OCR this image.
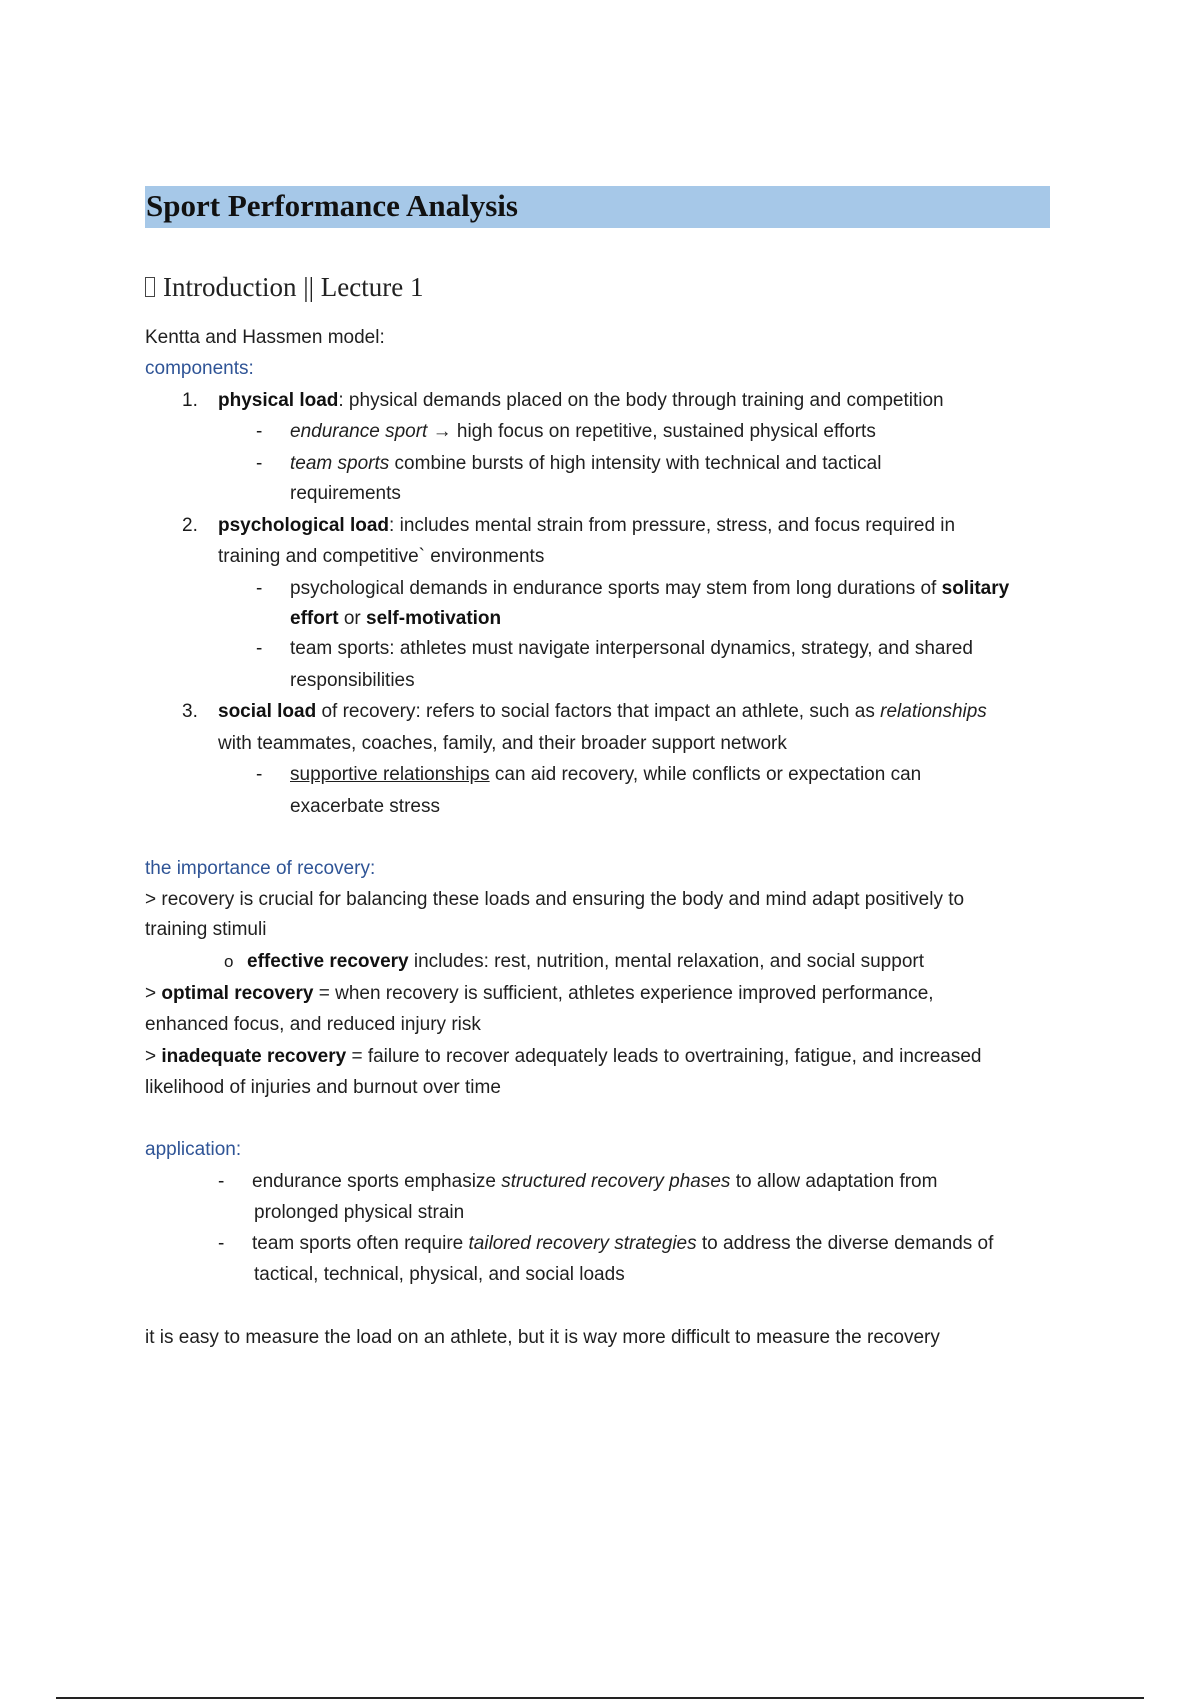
Sport Performance Analysis
Introduction || Lecture 1
Kentta and Hassmen model:
components:
1. physical load: physical demands placed on the body through training and competition
- endurance sport → high focus on repetitive, sustained physical efforts
- team sports combine bursts of high intensity with technical and tactical
requirements
2. psychological load: includes mental strain from pressure, stress, and focus required in
training and competitive` environments
- psychological demands in endurance sports may stem from long durations of solitary
effort or self-motivation
- team sports: athletes must navigate interpersonal dynamics, strategy, and shared
responsibilities
3. social load of recovery: refers to social factors that impact an athlete, such as relationships
with teammates, coaches, family, and their broader support network
- supportive relationships can aid recovery, while conflicts or expectation can
exacerbate stress
the importance of recovery:
> recovery is crucial for balancing these loads and ensuring the body and mind adapt positively to
training stimuli
o effective recovery includes: rest, nutrition, mental relaxation, and social support
> optimal recovery = when recovery is sufficient, athletes experience improved performance,
enhanced focus, and reduced injury risk
> inadequate recovery = failure to recover adequately leads to overtraining, fatigue, and increased
likelihood of injuries and burnout over time
application:
- endurance sports emphasize structured recovery phases to allow adaptation from
prolonged physical strain
- team sports often require tailored recovery strategies to address the diverse demands of
tactical, technical, physical, and social loads
it is easy to measure the load on an athlete, but it is way more difficult to measure the recovery
